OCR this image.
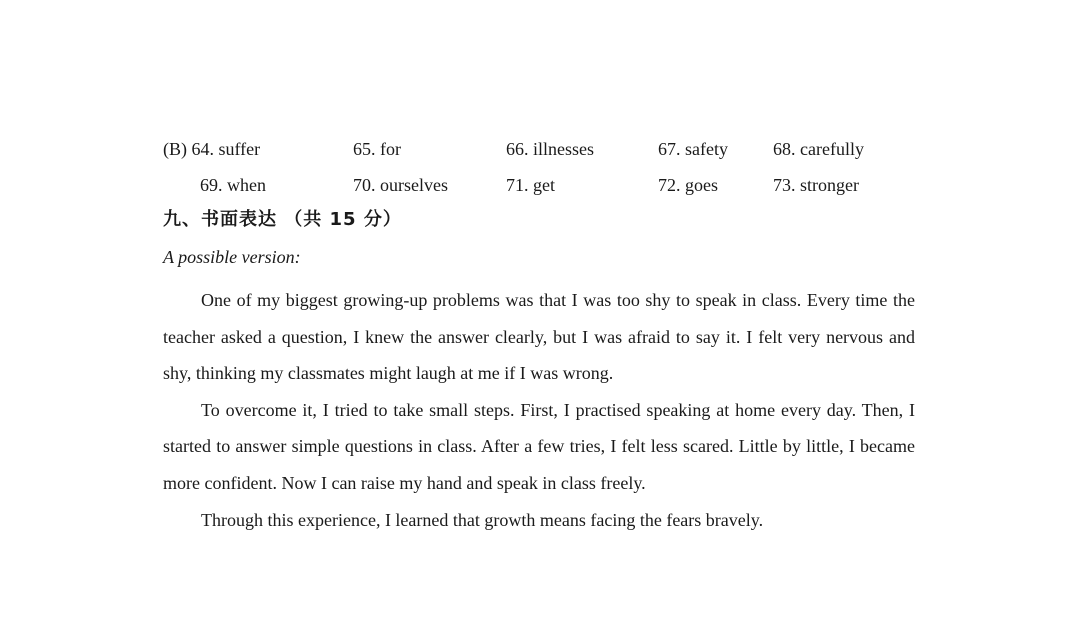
(B) 64. suffer	65. for	66. illnesses	67. safety	68. carefully
69. when	70. ourselves	71. get	72. goes	73. stronger
九、书面表达 （共 15 分）
A possible version:

One of my biggest growing-up problems was that I was too shy to speak in class. Every time the teacher asked a question, I knew the answer clearly, but I was afraid to say it. I felt very nervous and shy, thinking my classmates might laugh at me if I was wrong.

To overcome it, I tried to take small steps. First, I practised speaking at home every day. Then, I started to answer simple questions in class. After a few tries, I felt less scared. Little by little, I became more confident. Now I can raise my hand and speak in class freely.

Through this experience, I learned that growth means facing the fears bravely.
